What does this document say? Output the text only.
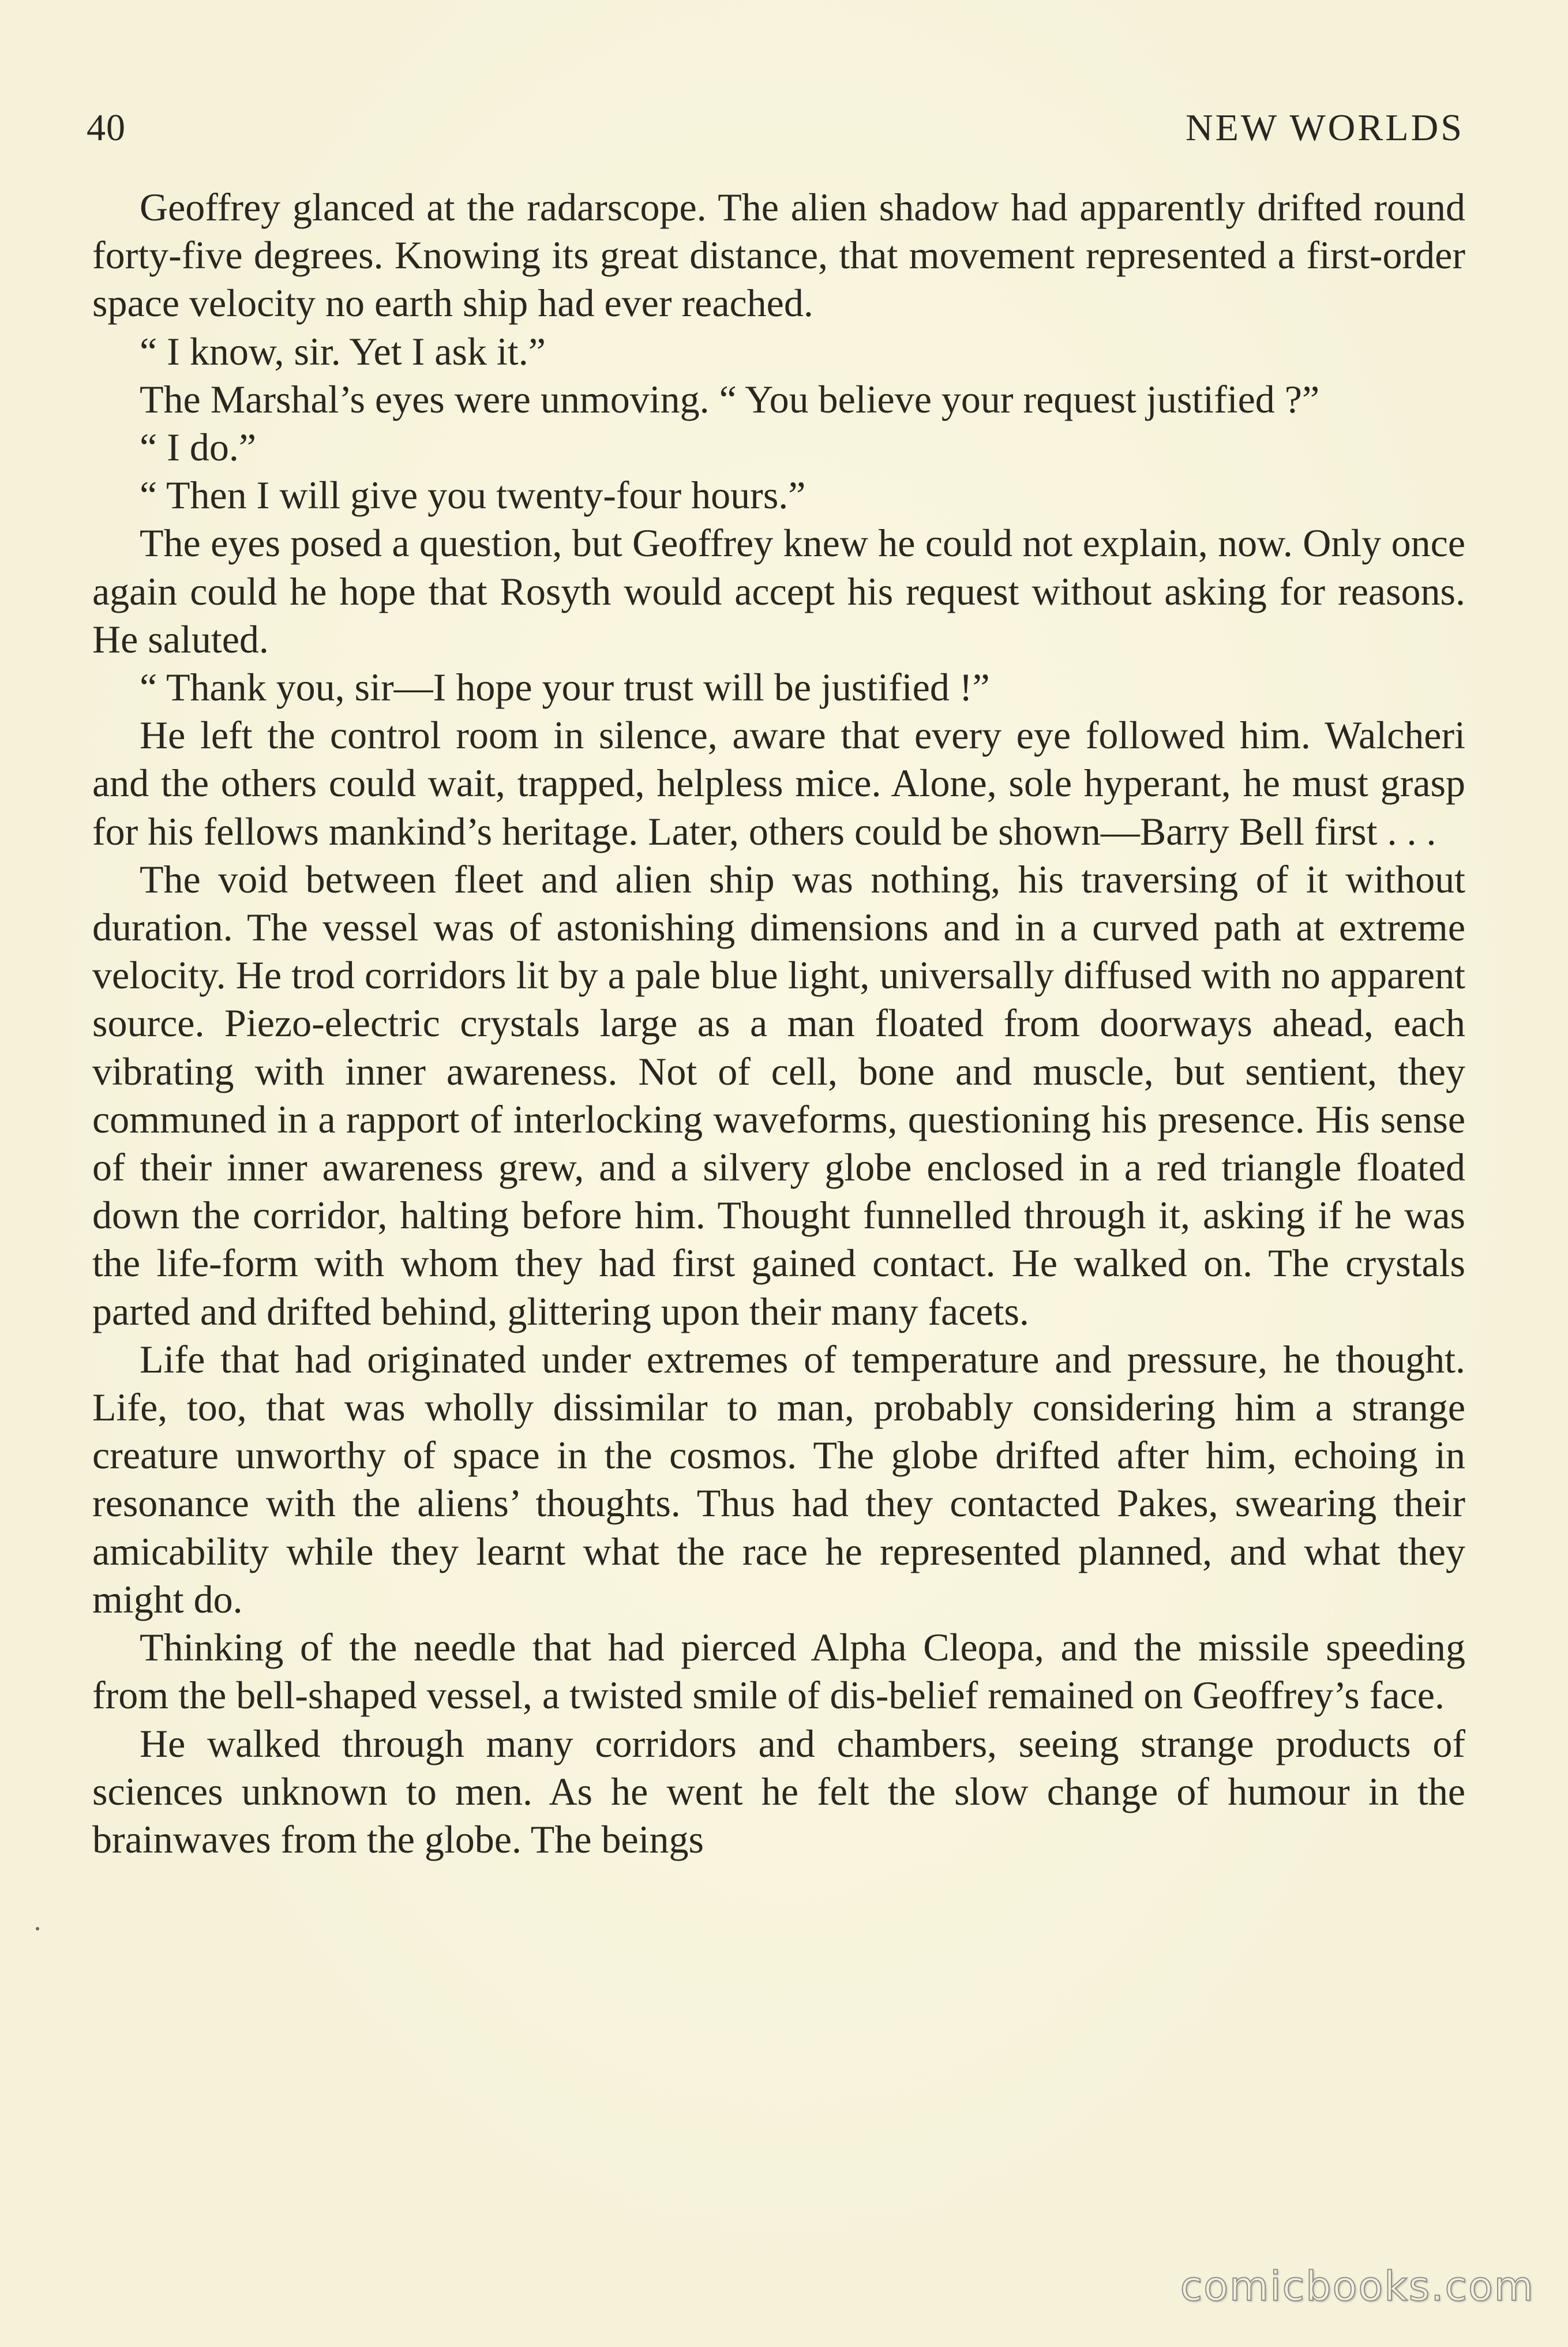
40	NEW WORLDS

Geoffrey glanced at the radarscope. The alien shadow had apparently drifted round forty-five degrees. Knowing its great distance, that movement represented a first-order space velocity no earth ship had ever reached.

“ I know, sir. Yet I ask it.”

The Marshal’s eyes were unmoving. “ You believe your request justified ?”

“ I do.”

“ Then I will give you twenty-four hours.”

The eyes posed a question, but Geoffrey knew he could not explain, now. Only once again could he hope that Rosyth would accept his request without asking for reasons. He saluted.

“ Thank you, sir—I hope your trust will be justified !”

He left the control room in silence, aware that every eye followed him. Walcheri and the others could wait, trapped, helpless mice. Alone, sole hyperant, he must grasp for his fellows mankind’s heritage. Later, others could be shown—Barry Bell first . . .

The void between fleet and alien ship was nothing, his traversing of it without duration. The vessel was of astonishing dimensions and in a curved path at extreme velocity. He trod corridors lit by a pale blue light, universally diffused with no apparent source. Piezo-electric crystals large as a man floated from doorways ahead, each vibrating with inner awareness. Not of cell, bone and muscle, but sentient, they communed in a rapport of interlocking waveforms, questioning his presence. His sense of their inner awareness grew, and a silvery globe enclosed in a red triangle floated down the corridor, halting before him. Thought funnelled through it, asking if he was the life-form with whom they had first gained contact. He walked on. The crystals parted and drifted behind, glittering upon their many facets.

Life that had originated under extremes of temperature and pressure, he thought. Life, too, that was wholly dissimilar to man, probably considering him a strange creature unworthy of space in the cosmos. The globe drifted after him, echoing in resonance with the aliens’ thoughts. Thus had they contacted Pakes, swearing their amicability while they learnt what the race he represented planned, and what they might do.

Thinking of the needle that had pierced Alpha Cleopa, and the missile speeding from the bell-shaped vessel, a twisted smile of dis-belief remained on Geoffrey’s face.

He walked through many corridors and chambers, seeing strange products of sciences unknown to men. As he went he felt the slow change of humour in the brainwaves from the globe. The beings

comicbooks.com
